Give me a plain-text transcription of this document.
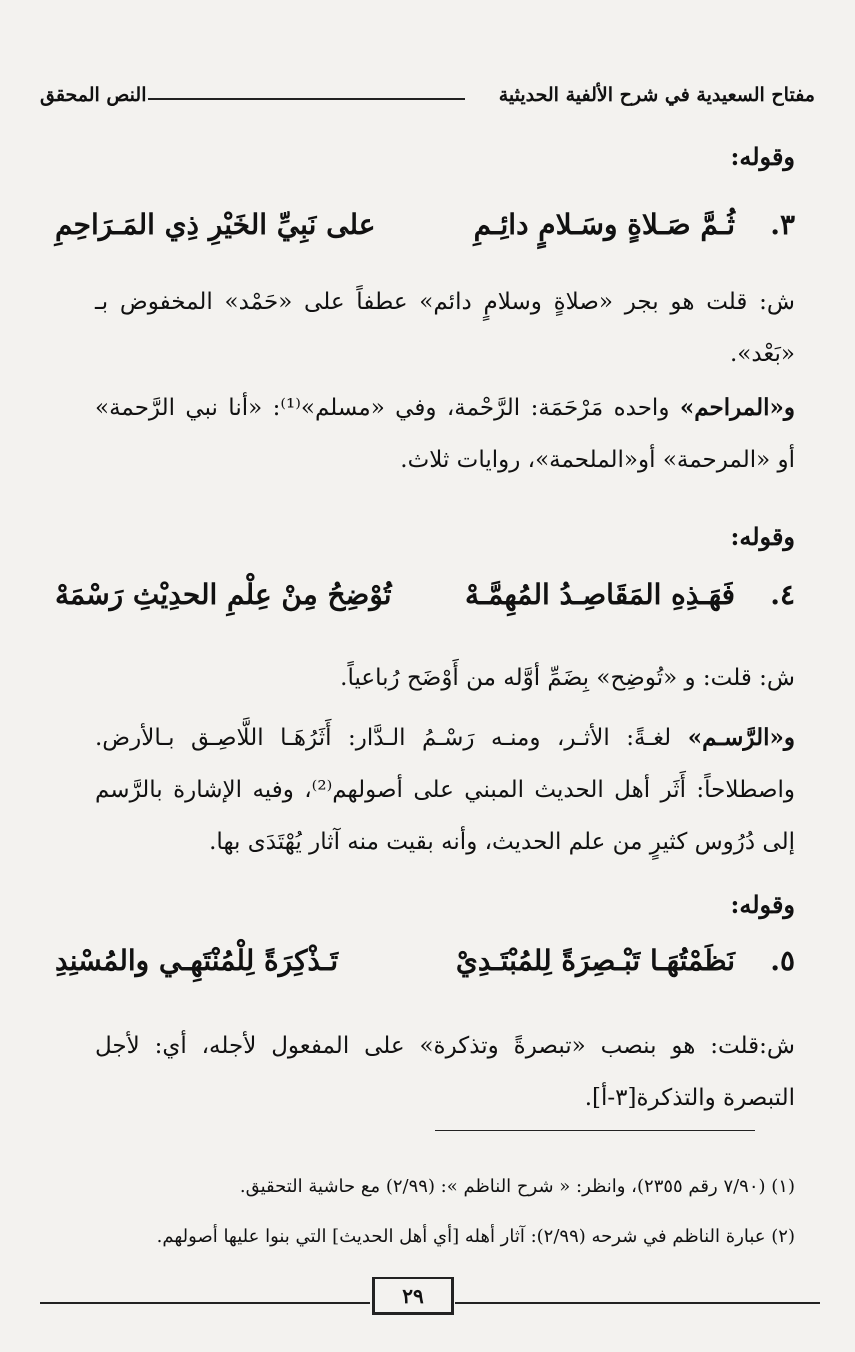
مفتاح السعيدية في شرح الألفية الحديثية
النص المحقق
وقوله:
٣.
ثُـمَّ صَـلاةٍ وسَـلامٍ دائِـمِ
على نَبِيِّ الخَيْرِ ذِي المَـرَاحِمِ
ش: قلت هو بجر «صلاةٍ وسلامٍ دائم» عطفاً على «حَمْد» المخفوض بـ «بَعْد».
و«المراحم» واحده مَرْحَمَة: الرَّحْمة، وفي «مسلم»⁽¹⁾: «أنا نبي الرَّحمة» أو «المرحمة» أو«الملحمة»، روايات ثلاث.
وقوله:
٤.
فَهَـذِهِ المَقَاصِـدُ المُهِمَّـهْ
تُوْضِحُ مِنْ عِلْمِ الحدِيْثِ رَسْمَهْ
ش: قلت: و «تُوضِح» بِضَمِّ أوَّله من أَوْضَح رُباعياً.
و«الرَّسـم» لغـةً: الأثـر، ومنـه رَسْـمُ الـدَّار: أَثَرُهَـا اللَّاصِـق بـالأرض. واصطلاحاً: أَثَر أهل الحديث المبني على أصولهم⁽²⁾، وفيه الإشارة بالرَّسم إلى دُرُوس كثيرٍ من علم الحديث، وأنه بقيت منه آثار يُهْتَدَى بها.
وقوله:
٥.
نَظَمْتُهَـا تَبْـصِرَةً لِلمُبْتَـدِيْ
تَـذْكِرَةً لِلْمُنْتَهِـي والمُسْنِدِ
ش:قلت: هو بنصب «تبصرةً وتذكرة» على المفعول لأجله، أي: لأجل التبصرة والتذكرة[٣-أ].
(١) (٧/٩٠ رقم ٢٣٥٥)، وانظر: « شرح الناظم »: (٢/٩٩) مع حاشية التحقيق.
(٢) عبارة الناظم في شرحه (٢/٩٩): آثار أهله [أي أهل الحديث] التي بنوا عليها أصولهم.
٢٩
